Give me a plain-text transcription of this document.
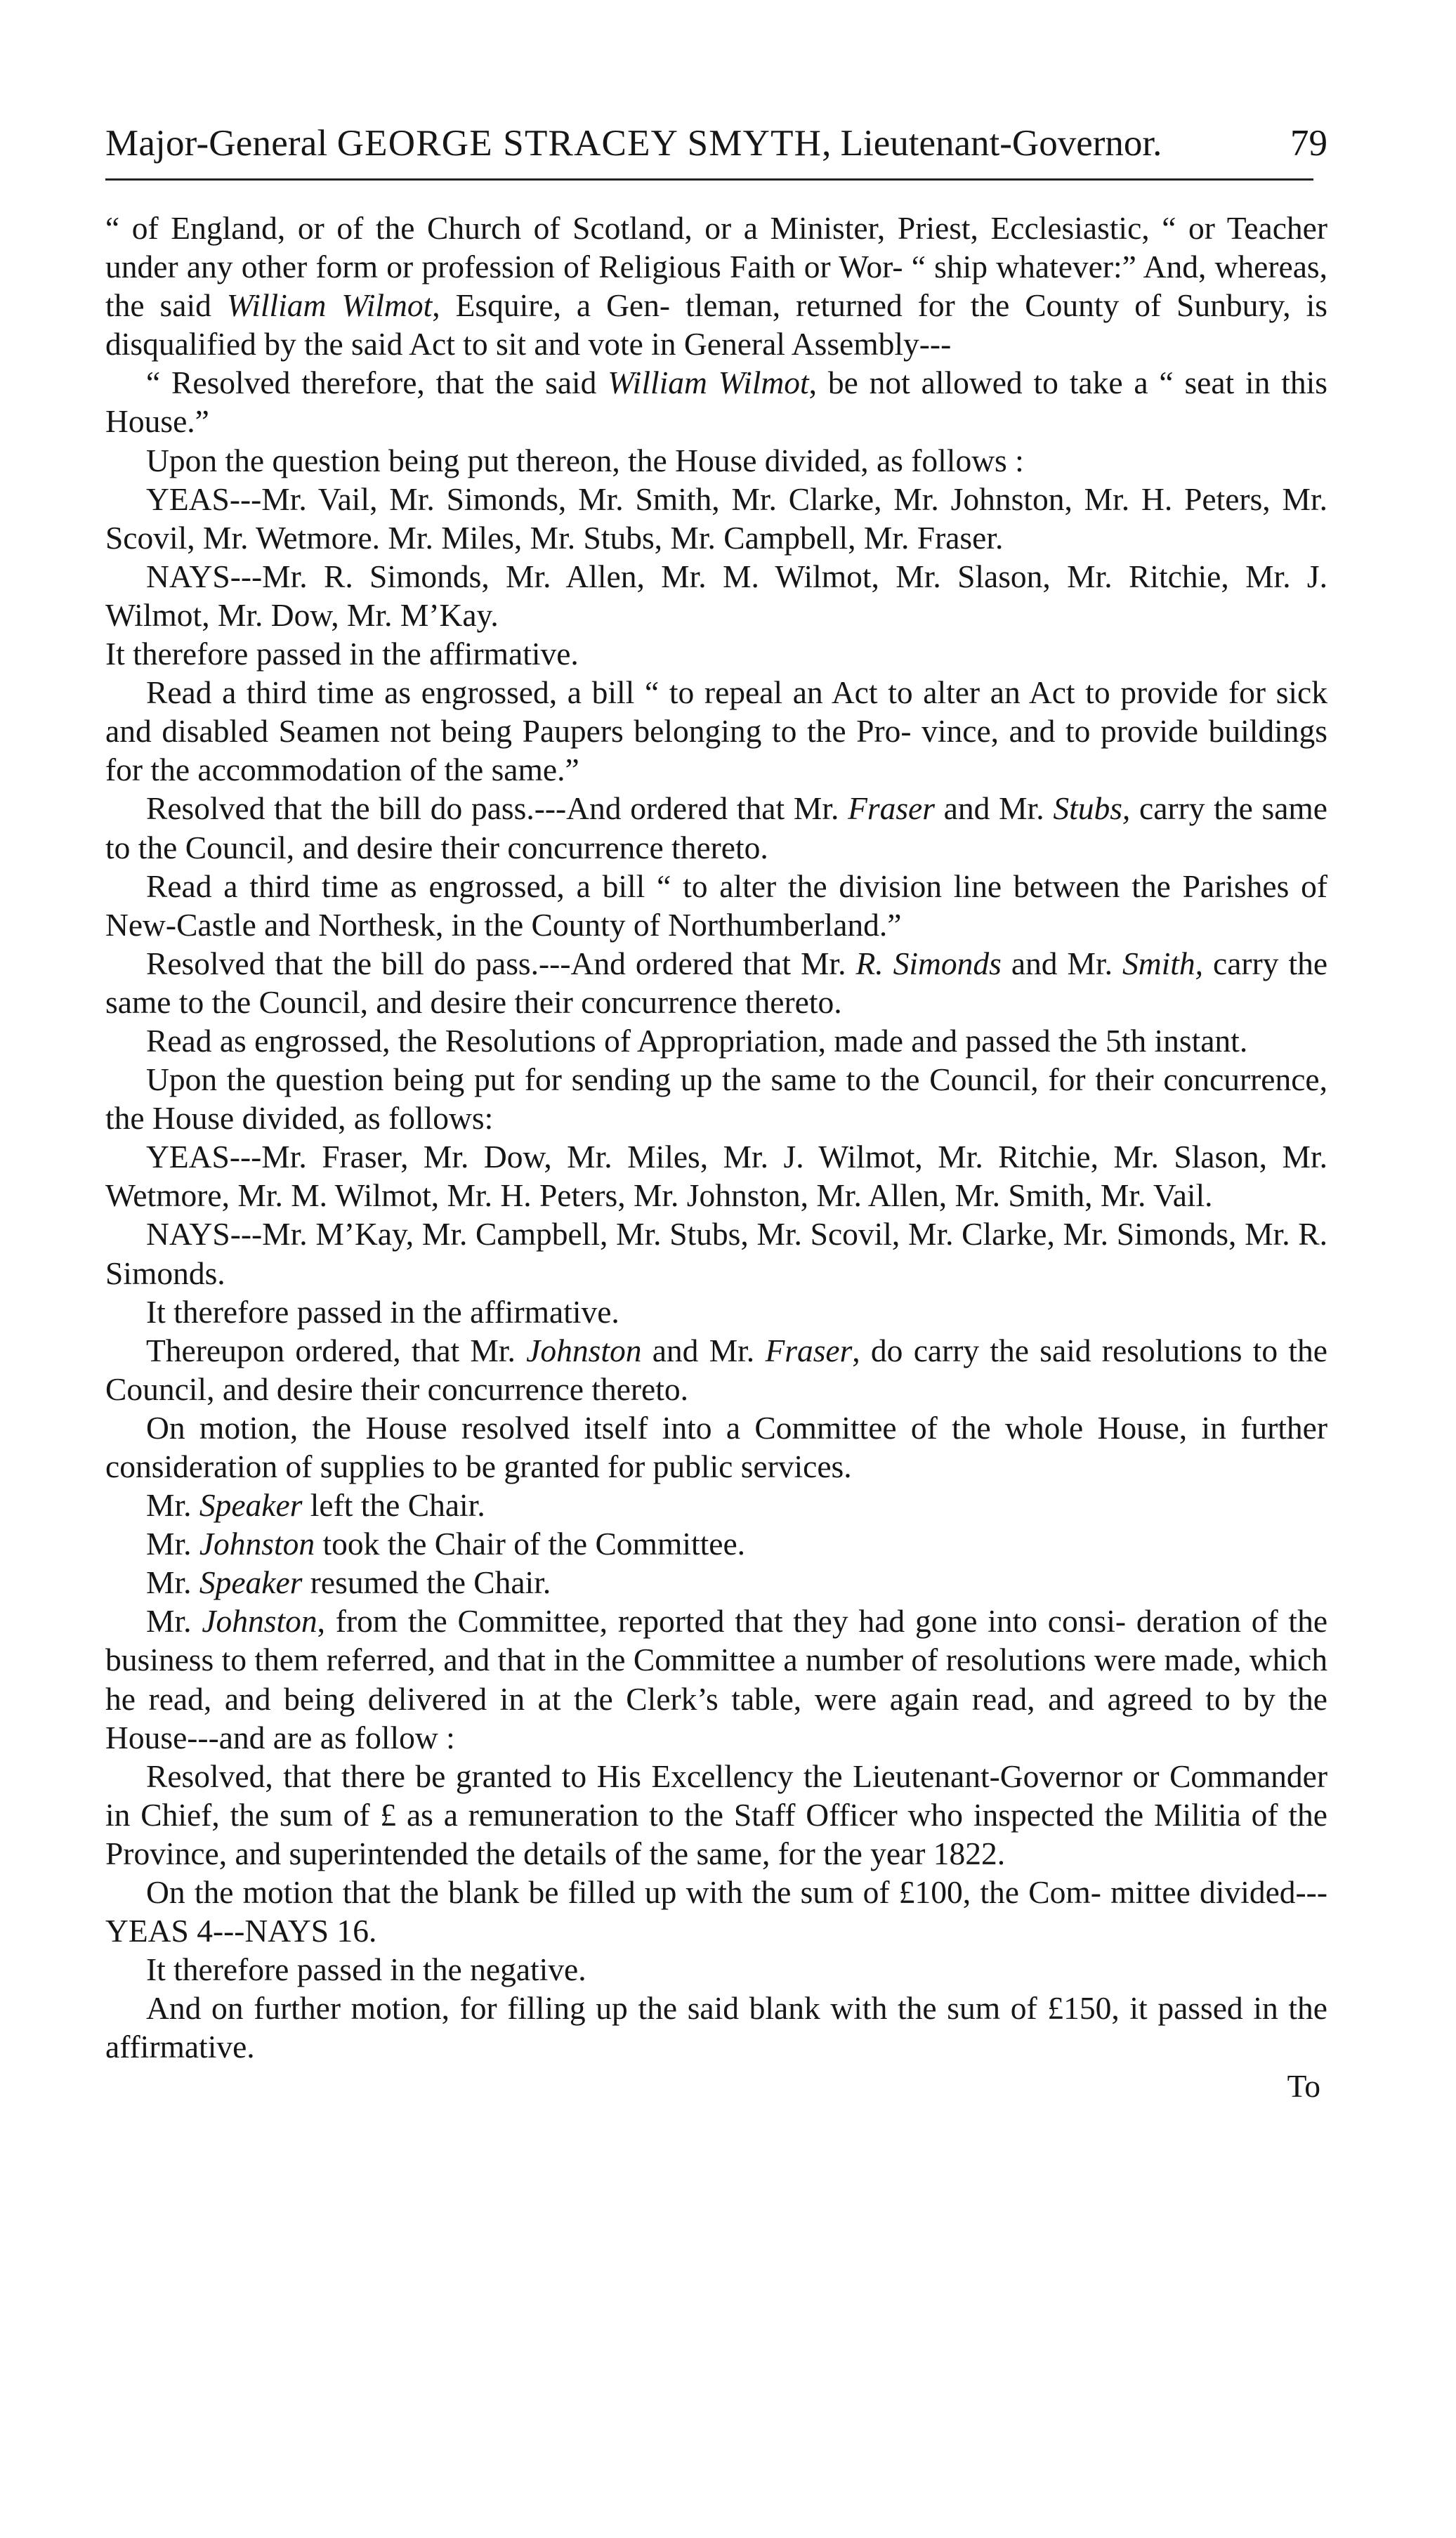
Major-General GEORGE STRACEY SMYTH, Lieutenant-Governor.	79

“ of England, or of the Church of Scotland, or a Minister, Priest, Ecclesiastic, “ or Teacher under any other form or profession of Religious Faith or Wor- “ ship whatever:” And, whereas, the said William Wilmot, Esquire, a Gen- tleman, returned for the County of Sunbury, is disqualified by the said Act to sit and vote in General Assembly---

“ Resolved therefore, that the said William Wilmot, be not allowed to take a “ seat in this House.”

Upon the question being put thereon, the House divided, as follows :

YEAS---Mr. Vail, Mr. Simonds, Mr. Smith, Mr. Clarke, Mr. Johnston, Mr. H. Peters, Mr. Scovil, Mr. Wetmore. Mr. Miles, Mr. Stubs, Mr. Campbell, Mr. Fraser.

NAYS---Mr. R. Simonds, Mr. Allen, Mr. M. Wilmot, Mr. Slason, Mr. Ritchie, Mr. J. Wilmot, Mr. Dow, Mr. M’Kay.

It therefore passed in the affirmative.

Read a third time as engrossed, a bill “ to repeal an Act to alter an Act to provide for sick and disabled Seamen not being Paupers belonging to the Pro- vince, and to provide buildings for the accommodation of the same.”

Resolved that the bill do pass.---And ordered that Mr. Fraser and Mr. Stubs, carry the same to the Council, and desire their concurrence thereto.

Read a third time as engrossed, a bill “ to alter the division line between the Parishes of New-Castle and Northesk, in the County of Northumberland.”

Resolved that the bill do pass.---And ordered that Mr. R. Simonds and Mr. Smith, carry the same to the Council, and desire their concurrence thereto.

Read as engrossed, the Resolutions of Appropriation, made and passed the 5th instant.

Upon the question being put for sending up the same to the Council, for their concurrence, the House divided, as follows:

YEAS---Mr. Fraser, Mr. Dow, Mr. Miles, Mr. J. Wilmot, Mr. Ritchie, Mr. Slason, Mr. Wetmore, Mr. M. Wilmot, Mr. H. Peters, Mr. Johnston, Mr. Allen, Mr. Smith, Mr. Vail.

NAYS---Mr. M’Kay, Mr. Campbell, Mr. Stubs, Mr. Scovil, Mr. Clarke, Mr. Simonds, Mr. R. Simonds.

It therefore passed in the affirmative.

Thereupon ordered, that Mr. Johnston and Mr. Fraser, do carry the said resolutions to the Council, and desire their concurrence thereto.

On motion, the House resolved itself into a Committee of the whole House, in further consideration of supplies to be granted for public services.

Mr. Speaker left the Chair.

Mr. Johnston took the Chair of the Committee.

Mr. Speaker resumed the Chair.

Mr. Johnston, from the Committee, reported that they had gone into consi- deration of the business to them referred, and that in the Committee a number of resolutions were made, which he read, and being delivered in at the Clerk’s table, were again read, and agreed to by the House---and are as follow :

Resolved, that there be granted to His Excellency the Lieutenant-Governor or Commander in Chief, the sum of £ as a remuneration to the Staff Officer who inspected the Militia of the Province, and superintended the details of the same, for the year 1822.

On the motion that the blank be filled up with the sum of £100, the Com- mittee divided---YEAS 4---NAYS 16.

It therefore passed in the negative.

And on further motion, for filling up the said blank with the sum of £150, it passed in the affirmative.

To
